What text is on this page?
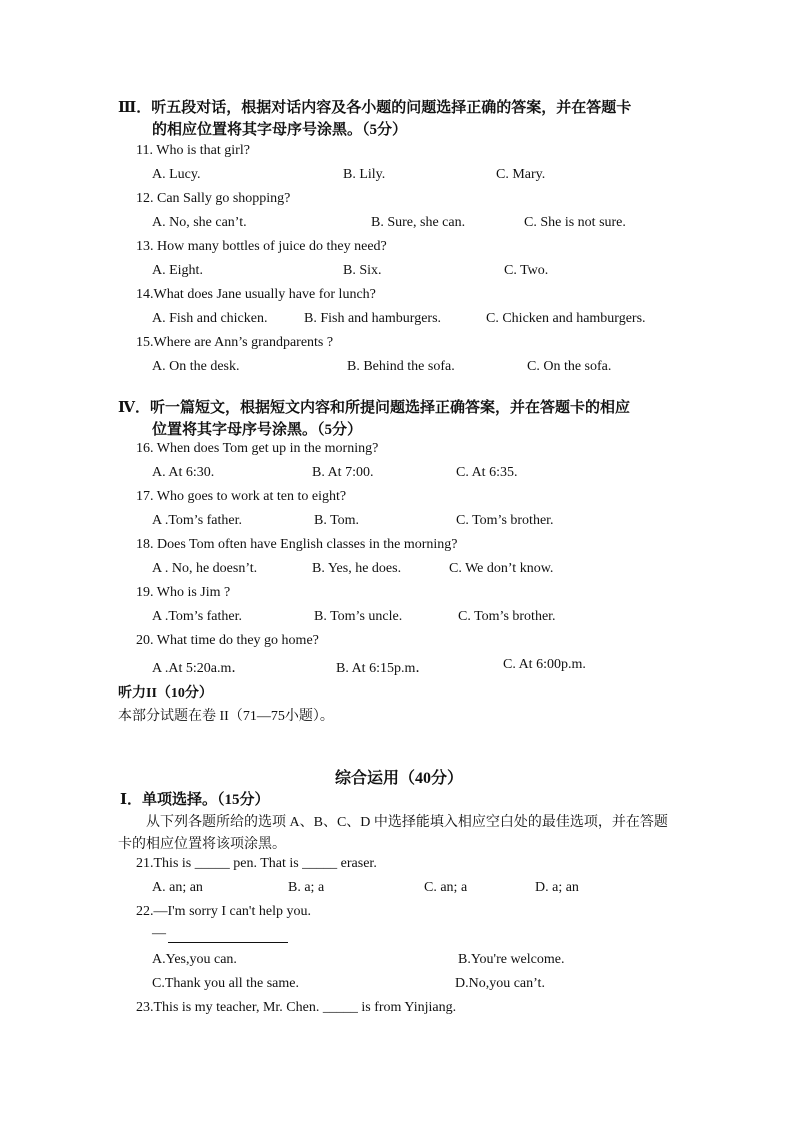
Ⅲ．听五段对话，根据对话内容及各小题的问题选择正确的答案，并在答题卡
的相应位置将其字母序号涂黑。（5分）
11. Who is that girl?
A. Lucy.	B. Lily.	C. Mary.
12. Can Sally go shopping?
A. No, she can’t.	B. Sure, she can.	C. She is not sure.
13. How many bottles of juice do they need?
A. Eight.	B. Six.	C. Two.
14.What does Jane usually have for lunch?
A. Fish and chicken.	B. Fish and hamburgers.	C. Chicken and hamburgers.
15.Where are Ann’s grandparents ?
A. On the desk.	B. Behind the sofa.	C. On the sofa.
Ⅳ．听一篇短文，根据短文内容和所提问题选择正确答案，并在答题卡的相应
位置将其字母序号涂黑。（5分）
16. When does Tom get up in the morning?
A. At 6:30.	B. At 7:00.	C. At 6:35.
17. Who goes to work at ten to eight?
A .Tom’s father.	B. Tom.	C. Tom’s brother.
18. Does Tom often have English classes in the morning?
A . No, he doesn’t.	B. Yes, he does.	C. We don’t know.
19. Who is Jim ?
A .Tom’s father.	B. Tom’s uncle.	C. Tom’s brother.
20. What time do they go home?
A .At 5:20a.m．	B. At 6:15p.m．	C. At 6:00p.m.
听力II（10分）
本部分试题在卷 II（71—75小题）。
综合运用（40分）
Ⅰ．单项选择。（15分）
从下列各题所给的选项 A、B、C、D 中选择能填入相应空白处的最佳选项，并在答题
卡的相应位置将该项涂黑。
21.This is _____ pen. That is _____ eraser.
A. an; an	B. a; a	C. an; a	D. a; an
22.—I'm sorry I can't help you.
—
A.Yes,you can.	B.You're welcome.
C.Thank you all the same.	D.No,you can’t.
23.This is my teacher, Mr. Chen. _____ is from Yinjiang.
